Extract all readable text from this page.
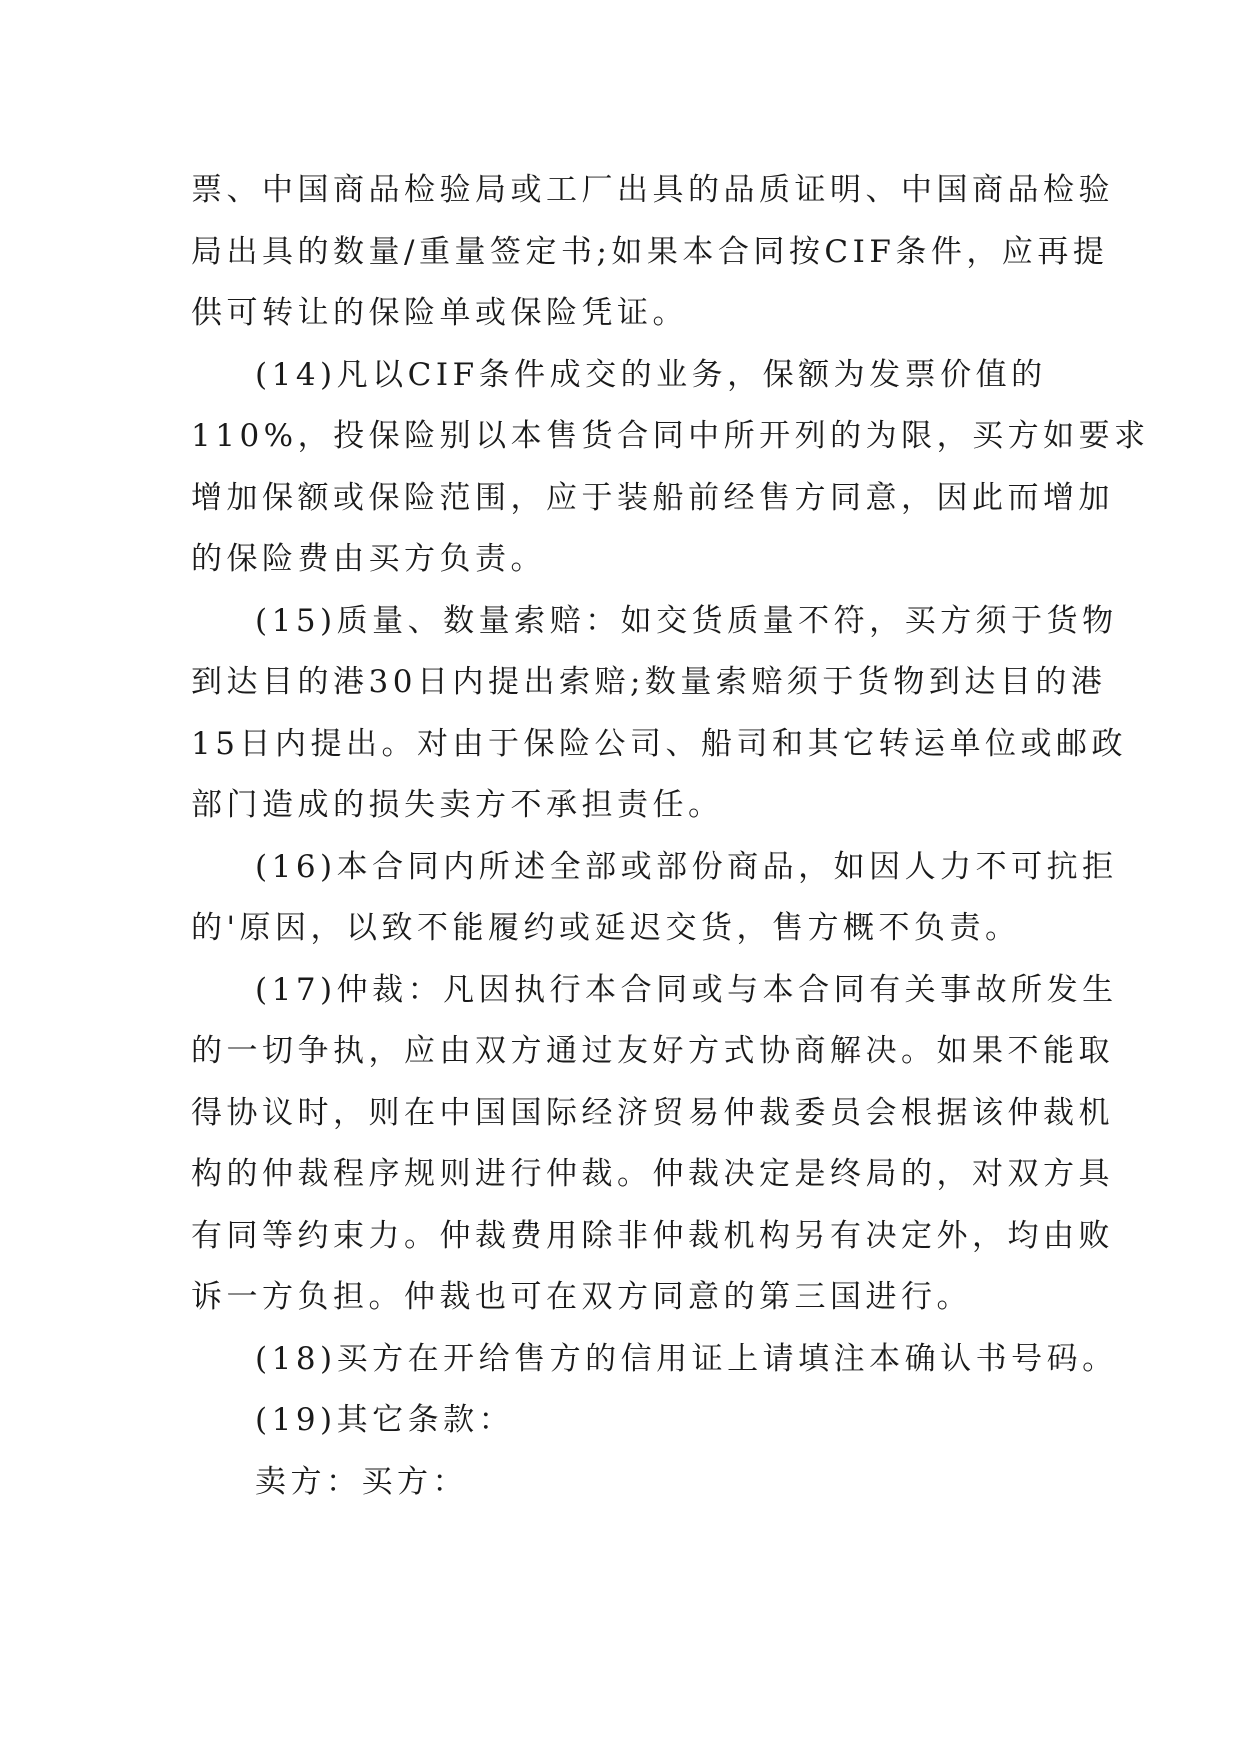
票、中国商品检验局或工厂出具的品质证明、中国商品检验
局出具的数量/重量签定书;如果本合同按CIF条件，应再提
供可转让的保险单或保险凭证。
(14)凡以CIF条件成交的业务，保额为发票价值的
110%，投保险别以本售货合同中所开列的为限，买方如要求
增加保额或保险范围，应于装船前经售方同意，因此而增加
的保险费由买方负责。
(15)质量、数量索赔：如交货质量不符，买方须于货物
到达目的港30日内提出索赔;数量索赔须于货物到达目的港
15日内提出。对由于保险公司、船司和其它转运单位或邮政
部门造成的损失卖方不承担责任。
(16)本合同内所述全部或部份商品，如因人力不可抗拒
的'原因，以致不能履约或延迟交货，售方概不负责。
(17)仲裁：凡因执行本合同或与本合同有关事故所发生
的一切争执，应由双方通过友好方式协商解决。如果不能取
得协议时，则在中国国际经济贸易仲裁委员会根据该仲裁机
构的仲裁程序规则进行仲裁。仲裁决定是终局的，对双方具
有同等约束力。仲裁费用除非仲裁机构另有决定外，均由败
诉一方负担。仲裁也可在双方同意的第三国进行。
(18)买方在开给售方的信用证上请填注本确认书号码。
(19)其它条款：
卖方：买方：
